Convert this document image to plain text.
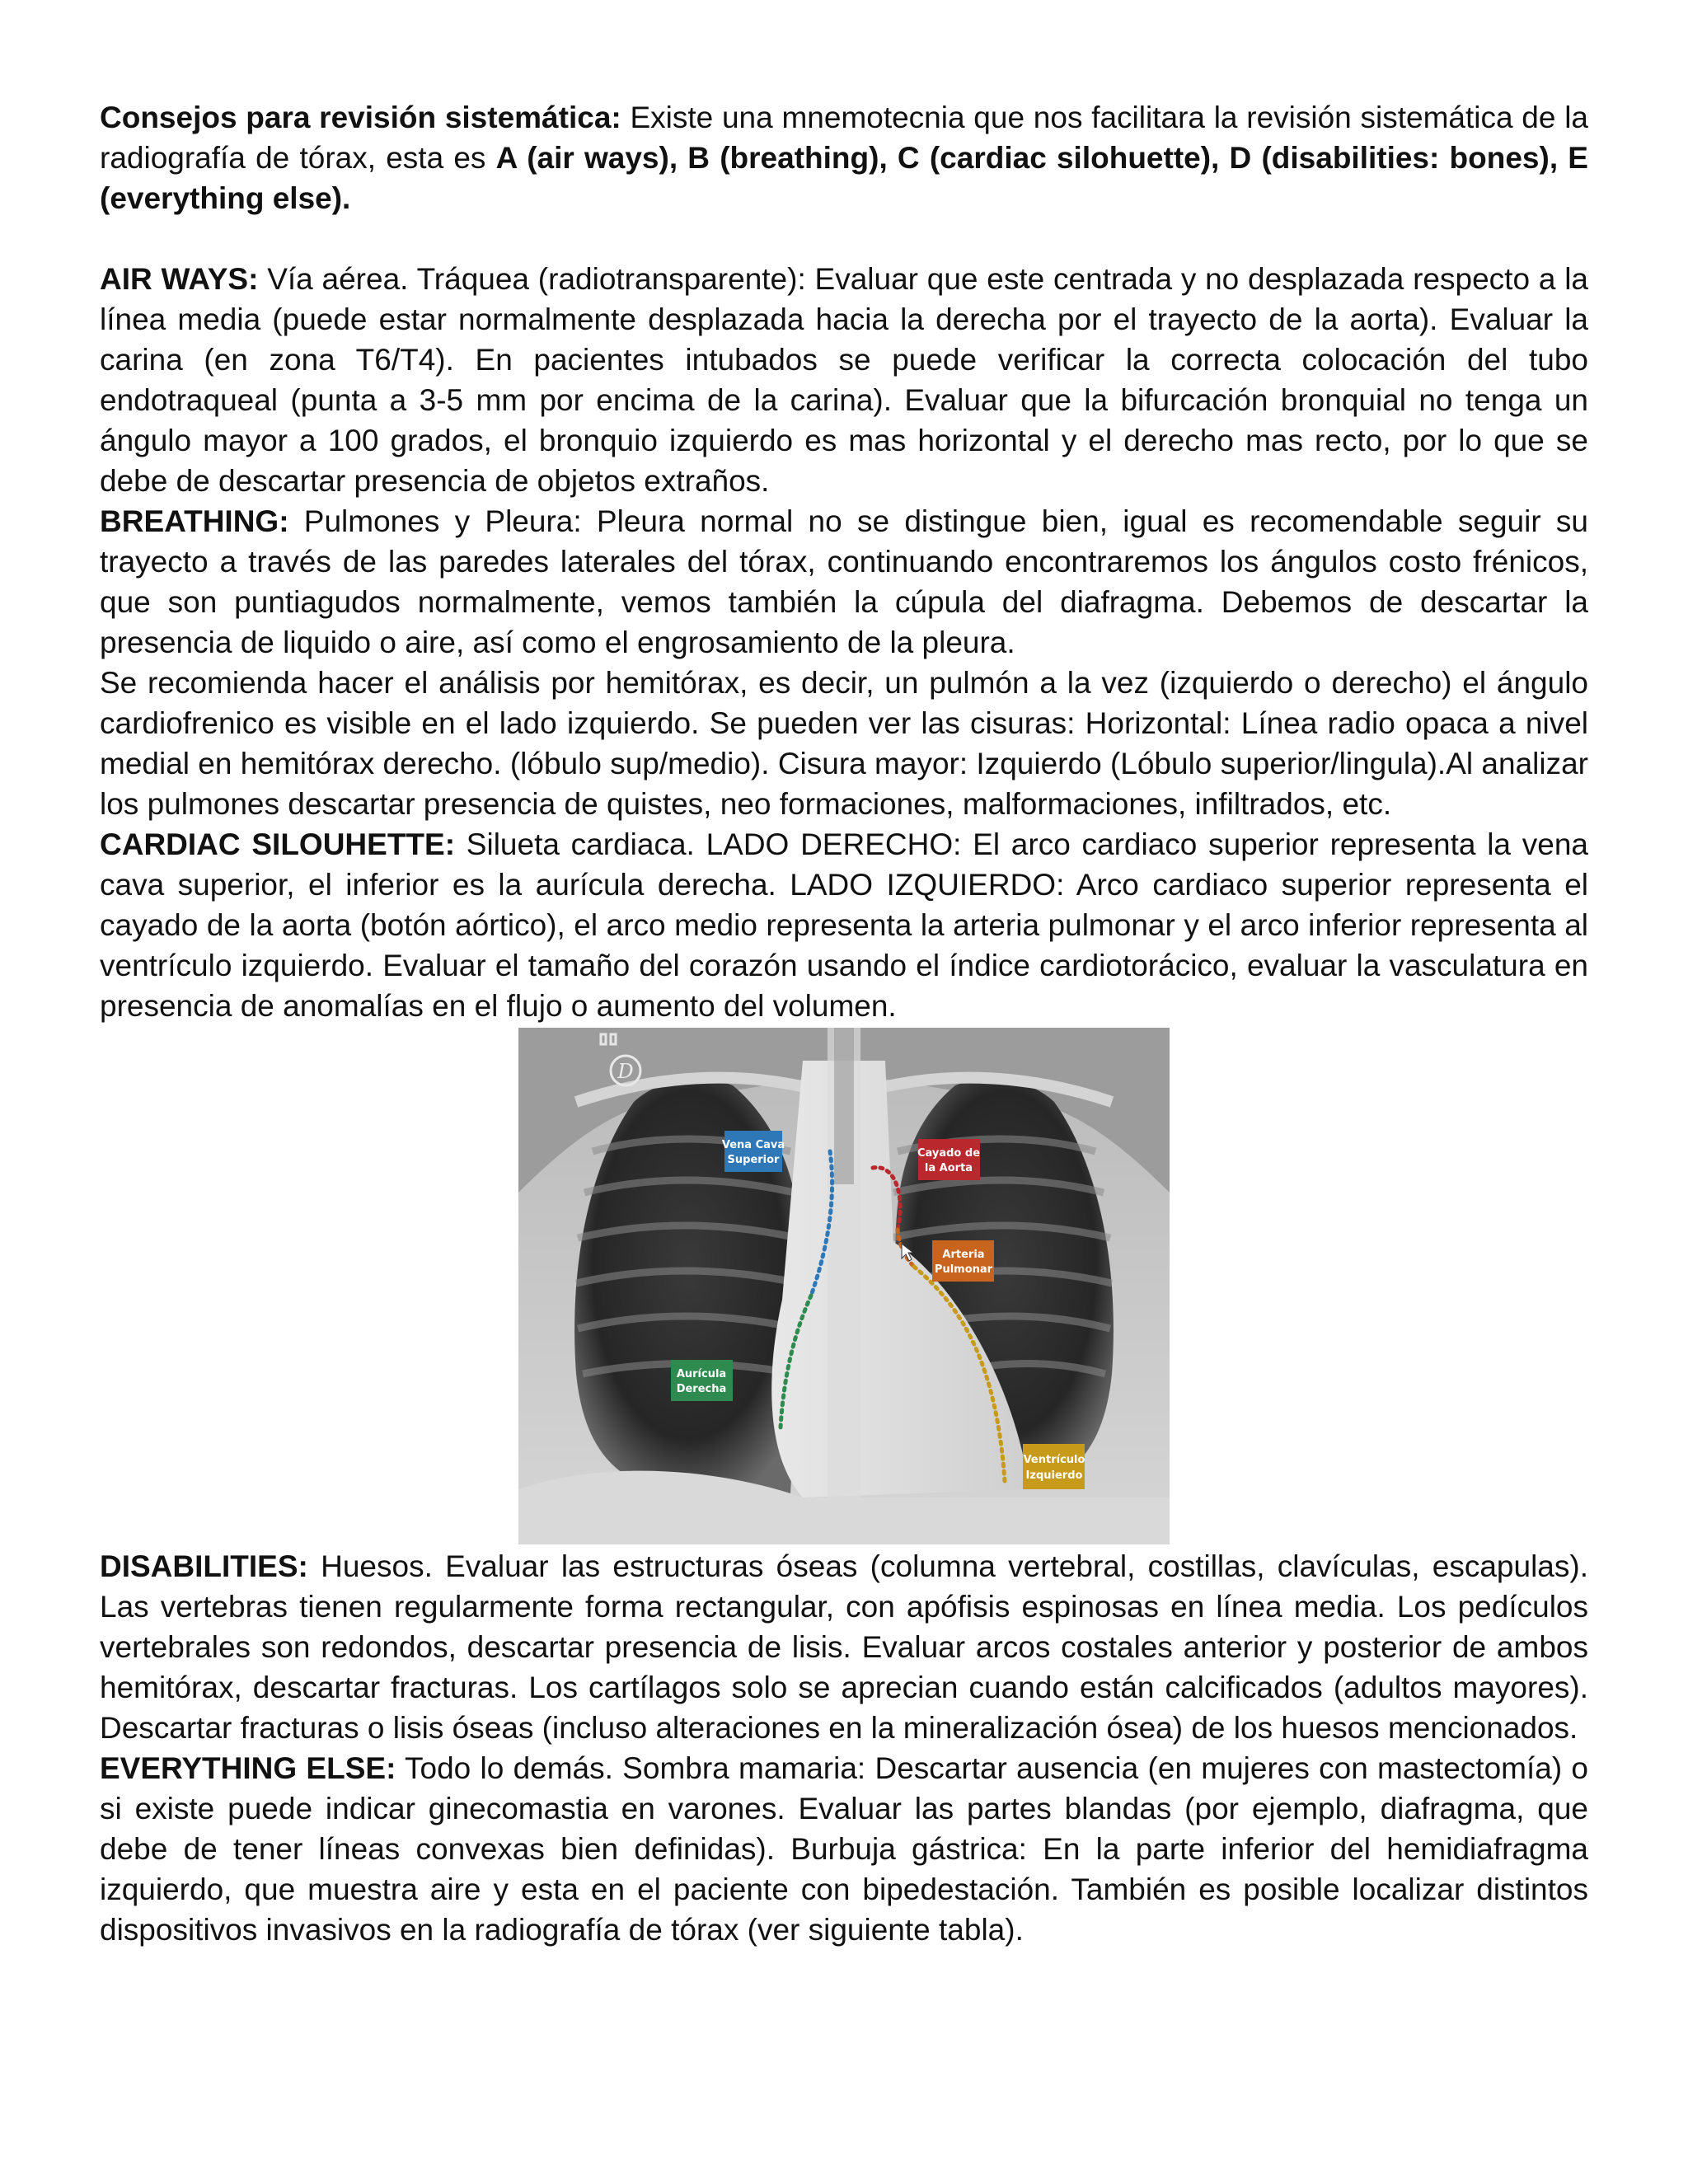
Consejos para revisión sistemática: Existe una mnemotecnia que nos facilitara la revisión sistemática de la radiografía de tórax, esta es A (air ways), B (breathing), C (cardiac silohuette), D (disabilities: bones), E (everything else).

AIR WAYS: Vía aérea. Tráquea (radiotransparente): Evaluar que este centrada y no desplazada respecto a la línea media (puede estar normalmente desplazada hacia la derecha por el trayecto de la aorta). Evaluar la carina (en zona T6/T4). En pacientes intubados se puede verificar la correcta colocación del tubo endotraqueal (punta a 3-5 mm por encima de la carina). Evaluar que la bifurcación bronquial no tenga un ángulo mayor a 100 grados, el bronquio izquierdo es mas horizontal y el derecho mas recto, por lo que se debe de descartar presencia de objetos extraños.

BREATHING: Pulmones y Pleura: Pleura normal no se distingue bien, igual es recomendable seguir su trayecto a través de las paredes laterales del tórax, continuando encontraremos los ángulos costo frénicos, que son puntiagudos normalmente, vemos también la cúpula del diafragma. Debemos de descartar la presencia de liquido o aire, así como el engrosamiento de la pleura.

Se recomienda hacer el análisis por hemitórax, es decir, un pulmón a la vez (izquierdo o derecho) el ángulo cardiofrenico es visible en el lado izquierdo. Se pueden ver las cisuras: Horizontal: Línea radio opaca a nivel medial en hemitórax derecho. (lóbulo sup/medio). Cisura mayor: Izquierdo (Lóbulo superior/lingula).Al analizar los pulmones descartar presencia de quistes, neo formaciones, malformaciones, infiltrados, etc.

CARDIAC SILOUHETTE: Silueta cardiaca. LADO DERECHO: El arco cardiaco superior representa la vena cava superior, el inferior es la aurícula derecha. LADO IZQUIERDO: Arco cardiaco superior representa el cayado de la aorta (botón aórtico), el arco medio representa la arteria pulmonar y el arco inferior representa al ventrículo izquierdo. Evaluar el tamaño del corazón usando el índice cardiotorácico, evaluar la vasculatura en presencia de anomalías en el flujo o aumento del volumen.

D
Vena Cava
Superior
Cayado de
la Aorta
Arteria
Pulmonar
Aurícula
Derecha
Ventrículo
Izquierdo

DISABILITIES: Huesos. Evaluar las estructuras óseas (columna vertebral, costillas, clavículas, escapulas). Las vertebras tienen regularmente forma rectangular, con apófisis espinosas en línea media. Los pedículos vertebrales son redondos, descartar presencia de lisis. Evaluar arcos costales anterior y posterior de ambos hemitórax, descartar fracturas. Los cartílagos solo se aprecian cuando están calcificados (adultos mayores). Descartar fracturas o lisis óseas (incluso alteraciones en la mineralización ósea) de los huesos mencionados.

EVERYTHING ELSE: Todo lo demás. Sombra mamaria: Descartar ausencia (en mujeres con mastectomía) o si existe puede indicar ginecomastia en varones. Evaluar las partes blandas (por ejemplo, diafragma, que debe de tener líneas convexas bien definidas). Burbuja gástrica: En la parte inferior del hemidiafragma izquierdo, que muestra aire y esta en el paciente con bipedestación. También es posible localizar distintos dispositivos invasivos en la radiografía de tórax (ver siguiente tabla).
